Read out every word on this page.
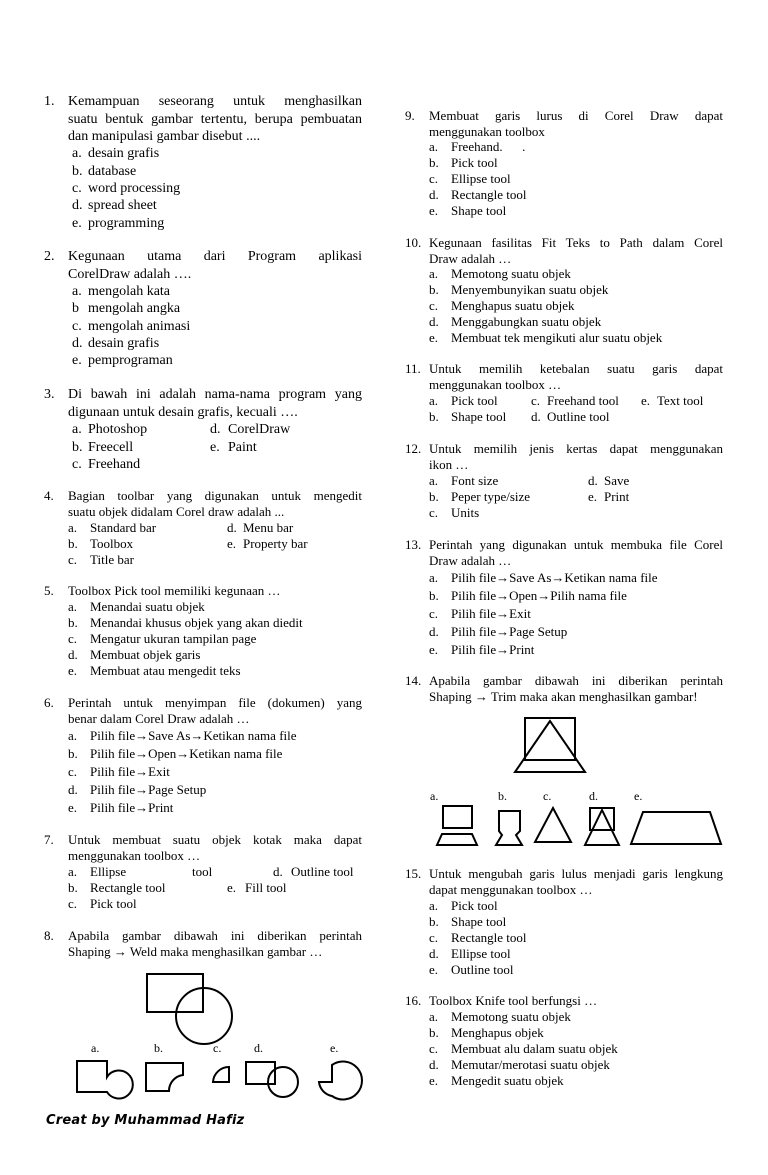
1. Kemampuan seseorang untuk menghasilkan
suatu bentuk gambar tertentu, berupa pembuatan
dan manipulasi gambar disebut ....
a. desain grafis
b. database
c. word processing
d. spread sheet
e. programming
2. Kegunaan utama dari Program aplikasi
CorelDraw adalah ….
a. mengolah kata
b mengolah angka
c. mengolah animasi
d. desain grafis
e. pemprograman
3. Di bawah ini adalah nama-nama program yang
digunaan untuk desain grafis, kecuali ….
a. Photoshop	d. CorelDraw
b. Freecell	e. Paint
c. Freehand
4. Bagian toolbar yang digunakan untuk mengedit
suatu objek didalam Corel draw adalah ...
a. Standard bar	d. Menu bar
b. Toolbox	e. Property bar
c. Title bar
5. Toolbox Pick tool memiliki kegunaan …
a. Menandai suatu objek
b. Menandai khusus objek yang akan diedit
c. Mengatur ukuran tampilan page
d. Membuat objek garis
e. Membuat atau mengedit teks
6. Perintah untuk menyimpan file (dokumen) yang
benar dalam Corel Draw adalah …
a. Pilih file→Save As→Ketikan nama file
b. Pilih file→Open→Ketikan nama file
c. Pilih file→Exit
d. Pilih file→Page Setup
e. Pilih file→Print
7. Untuk membuat suatu objek kotak maka dapat
menggunakan toolbox …
a. Ellipse	tool	d. Outline tool
b. Rectangle tool	e. Fill tool
c. Pick tool
8. Apabila gambar dibawah ini diberikan perintah
Shaping → Weld maka menghasilkan gambar …
a.	b.	c.	d.	e.
9. Membuat garis lurus di Corel Draw dapat
menggunakan toolbox
a. Freehand.      .
b. Pick tool
c. Ellipse tool
d. Rectangle tool
e. Shape tool
10. Kegunaan fasilitas Fit Teks to Path dalam Corel
Draw adalah …
a. Memotong suatu objek
b. Menyembunyikan suatu objek
c. Menghapus suatu objek
d. Menggabungkan suatu objek
e. Membuat tek mengikuti alur suatu objek
11. Untuk memilih ketebalan suatu garis dapat
menggunakan toolbox …
a. Pick tool	c. Freehand tool e. Text tool
b. Shape tool d. Outline tool
12. Untuk memilih jenis kertas dapat menggunakan
ikon …
a. Font size	d. Save
b. Peper type/size	e. Print
c. Units
13. Perintah yang digunakan untuk membuka file Corel
Draw adalah …
a. Pilih file→Save As→Ketikan nama file
b. Pilih file→Open→Pilih nama file
c. Pilih file→Exit
d. Pilih file→Page Setup
e. Pilih file→Print
14. Apabila gambar dibawah ini diberikan perintah
Shaping → Trim maka akan menghasilkan gambar!
a.	b.	c.	d.	e.
15. Untuk mengubah garis lulus menjadi garis lengkung
dapat menggunakan toolbox …
a. Pick tool
b. Shape tool
c. Rectangle tool
d. Ellipse tool
e. Outline tool
16. Toolbox Knife tool berfungsi …
a. Memotong suatu objek
b. Menghapus objek
c. Membuat alu dalam suatu objek
d. Memutar/merotasi suatu objek
e. Mengedit suatu objek
Creat by Muhammad Hafiz
